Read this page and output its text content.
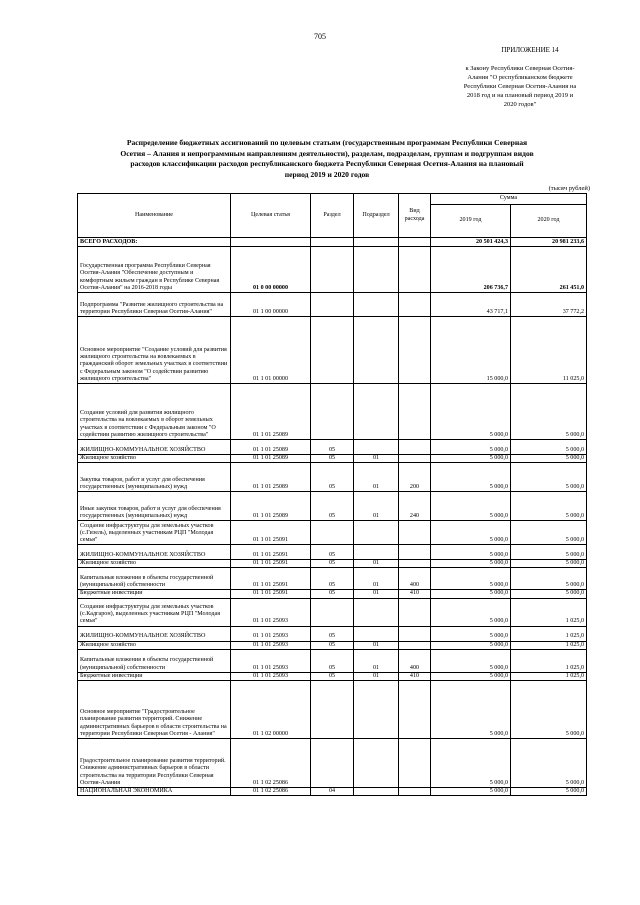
705
ПРИЛОЖЕНИЕ 14
к Закону Республики Северная Осетия-
Алания "О республиканском бюджете
Республики Северная Осетия-Алания на
2018 год и на плановый период 2019 и
2020 годов"
Распределение бюджетных ассигнований по целевым статьям (государственным программам Республики Северная
Осетия – Алания и непрограммным направлениям деятельности), разделам, подразделам, группам и подгруппам видов
расходов классификации расходов республиканского бюджета Республики Северная Осетия-Алания на плановый
период 2019 и 2020 годов
(тысяч рублей)
Наименование	Целевая статья	Раздел	Подраздел	Вид расхода	Сумма	
					2019 год	2020 год
ВСЕГО РАСХОДОВ:					20 501 424,3	20 981 233,6
Государственная программа Республики Северная Осетия-Алания "Обеспечение доступным и комфортным жильем граждан в Республике Северная Осетия-Алания" на 2016-2018 годы	01 0 00 00000				206 736,7	261 451,0
Подпрограмма "Развитие жилищного строительства на территории Республики Северная Осетия-Алания"	01 1 00 00000				43 717,1	37 772,2
Основное мероприятие "Создание условий для развития жилищного строительства на вовлекаемых в гражданский оборот земельных участках в соответствии с Федеральным законом "О содействии развитию жилищного строительства"	01 1 01 00000				15 000,0	11 025,0
Создание условий для развития жилищного строительства на вовлекаемых в оборот земельных участках в соответствии с Федеральным законом "О содействии развитию жилищного строительства"	01 1 01 25089				5 000,0	5 000,0
ЖИЛИЩНО-КОММУНАЛЬНОЕ ХОЗЯЙСТВО	01 1 01 25089	05			5 000,0	5 000,0
Жилищное хозяйство	01 1 01 25089	05	01		5 000,0	5 000,0
Закупка товаров, работ и услуг для обеспечения государственных (муниципальных) нужд	01 1 01 25089	05	01	200	5 000,0	5 000,0
Иные закупки товаров, работ и услуг для обеспечения государственных (муниципальных) нужд	01 1 01 25089	05	01	240	5 000,0	5 000,0
Создание инфраструктуры для земельных участков (с.Гизель), выделенных участникам РЦП "Молодая семья"	01 1 01 25091				5 000,0	5 000,0
ЖИЛИЩНО-КОММУНАЛЬНОЕ ХОЗЯЙСТВО	01 1 01 25091	05			5 000,0	5 000,0
Жилищное хозяйство	01 1 01 25091	05	01		5 000,0	5 000,0
Капитальные вложения в объекты государственной (муниципальной) собственности	01 1 01 25091	05	01	400	5 000,0	5 000,0
Бюджетные инвестиции	01 1 01 25091	05	01	410	5 000,0	5 000,0
Создание инфраструктуры для земельных участков (с.Кадгарон), выделенных участникам РЦП "Молодая семья"	01 1 01 25093				5 000,0	1 025,0
ЖИЛИЩНО-КОММУНАЛЬНОЕ ХОЗЯЙСТВО	01 1 01 25093	05			5 000,0	1 025,0
Жилищное хозяйство	01 1 01 25093	05	01		5 000,0	1 025,0
Капитальные вложения в объекты государственной (муниципальной) собственности	01 1 01 25093	05	01	400	5 000,0	1 025,0
Бюджетные инвестиции	01 1 01 25093	05	01	410	5 000,0	1 025,0
Основное мероприятие "Градостроительное планирование развития территорий. Снижение административных барьеров в области строительства на территории Республики Северная Осетия - Алания"	01 1 02 00000				5 000,0	5 000,0
Градостроительное планирование развития территорий. Снижение административных барьеров в области строительства на территории Республики Северная Осетия-Алания	01 1 02 25086				5 000,0	5 000,0
НАЦИОНАЛЬНАЯ ЭКОНОМИКА	01 1 02 25086	04			5 000,0	5 000,0
